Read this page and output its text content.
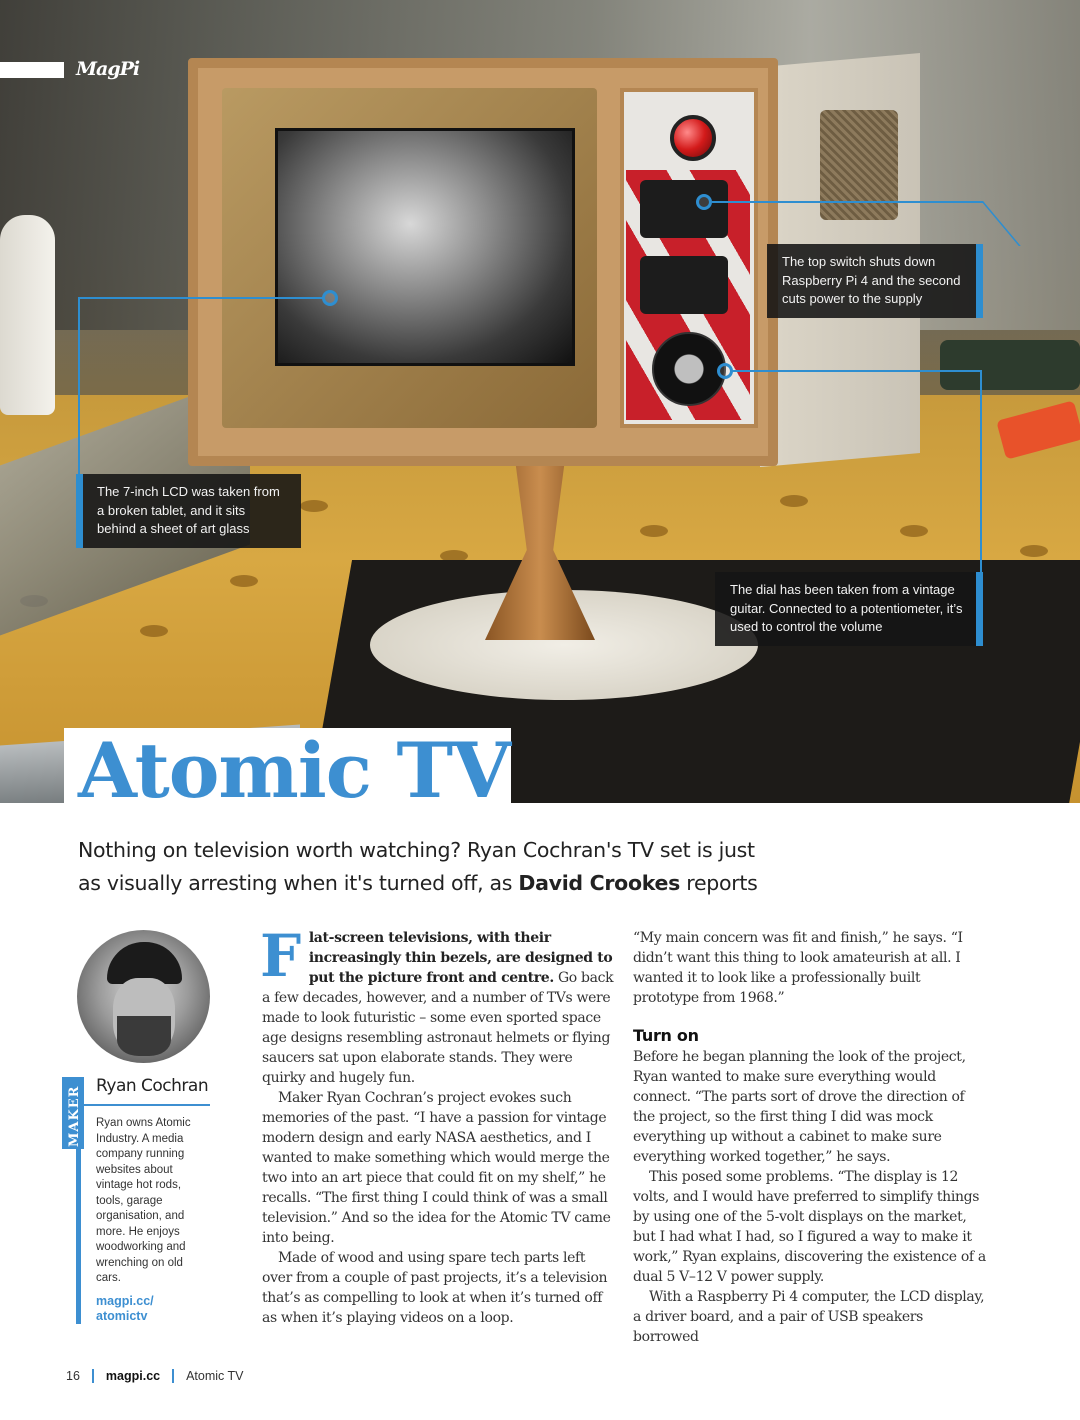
MagPi
The top switch shuts down Raspberry Pi 4 and the second cuts power to the supply
The 7-inch LCD was taken from a broken tablet, and it sits behind a sheet of art glass
The dial has been taken from a vintage guitar. Connected to a potentiometer, it’s used to control the volume
Atomic TV
Nothing on television worth watching? Ryan Cochran's TV set is just as visually arresting when it's turned off, as David Crookes reports
MAKER Ryan Cochran

Ryan owns Atomic Industry. A media company running websites about vintage hot rods, tools, garage organisation, and more. He enjoys woodworking and wrenching on old cars.

magpi.cc/
atomictv

Flat-screen televisions, with their increasingly thin bezels, are designed to put the picture front and centre. Go back a few decades, however, and a number of TVs were made to look futuristic – some even sported space age designs resembling astronaut helmets or flying saucers sat upon elaborate stands. They were quirky and hugely fun.

Maker Ryan Cochran’s project evokes such memories of the past. “I have a passion for vintage modern design and early NASA aesthetics, and I wanted to make something which would merge the two into an art piece that could fit on my shelf,” he recalls. “The first thing I could think of was a small television.” And so the idea for the Atomic TV came into being.

Made of wood and using spare tech parts left over from a couple of past projects, it’s a television that’s as compelling to look at when it’s turned off as when it’s playing videos on a loop.

“My main concern was fit and finish,” he says. “I didn’t want this thing to look amateurish at all. I wanted it to look like a professionally built prototype from 1968.”

Turn on

Before he began planning the look of the project, Ryan wanted to make sure everything would connect. “The parts sort of drove the direction of the project, so the first thing I did was mock everything up without a cabinet to make sure everything worked together,” he says.

This posed some problems. “The display is 12 volts, and I would have preferred to simplify things by using one of the 5-volt displays on the market, but I had what I had, so I figured a way to make it work,” Ryan explains, discovering the existence of a dual 5 V–12 V power supply.

With a Raspberry Pi 4 computer, the LCD display, a driver board, and a pair of USB speakers borrowed

16 magpi.cc Atomic TV
